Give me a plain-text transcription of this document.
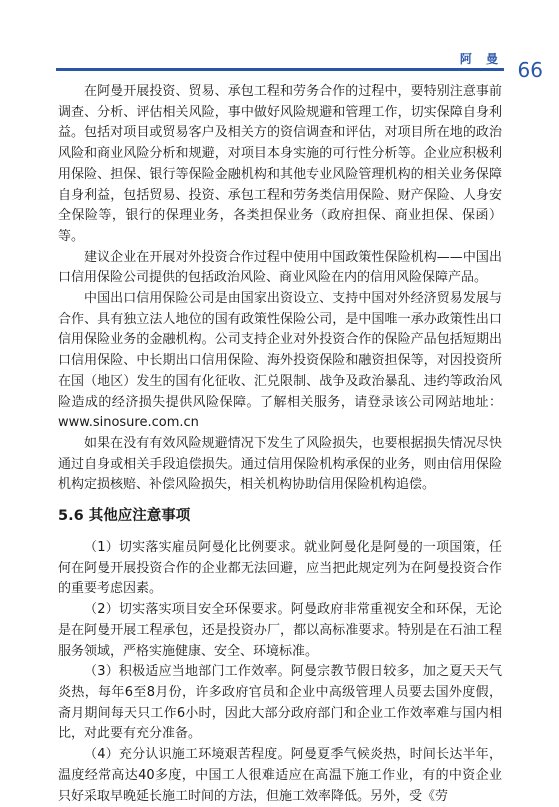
阿 曼 66

在阿曼开展投资、贸易、承包工程和劳务合作的过程中，要特别注意事前调查、分析、评估相关风险，事中做好风险规避和管理工作，切实保障自身利益。包括对项目或贸易客户及相关方的资信调查和评估，对项目所在地的政治风险和商业风险分析和规避，对项目本身实施的可行性分析等。企业应积极利用保险、担保、银行等保险金融机构和其他专业风险管理机构的相关业务保障自身利益，包括贸易、投资、承包工程和劳务类信用保险、财产保险、人身安全保险等，银行的保理业务，各类担保业务（政府担保、商业担保、保函）等。

建议企业在开展对外投资合作过程中使用中国政策性保险机构——中国出口信用保险公司提供的包括政治风险、商业风险在内的信用风险保障产品。

中国出口信用保险公司是由国家出资设立、支持中国对外经济贸易发展与合作、具有独立法人地位的国有政策性保险公司，是中国唯一承办政策性出口信用保险业务的金融机构。公司支持企业对外投资合作的保险产品包括短期出口信用保险、中长期出口信用保险、海外投资保险和融资担保等，对因投资所在国（地区）发生的国有化征收、汇兑限制、战争及政治暴乱、违约等政治风险造成的经济损失提供风险保障。了解相关服务，请登录该公司网站地址：www.sinosure.com.cn

如果在没有有效风险规避情况下发生了风险损失，也要根据损失情况尽快通过自身或相关手段追偿损失。通过信用保险机构承保的业务，则由信用保险机构定损核赔、补偿风险损失，相关机构协助信用保险机构追偿。

5.6 其他应注意事项

（1）切实落实雇员阿曼化比例要求。就业阿曼化是阿曼的一项国策，任何在阿曼开展投资合作的企业都无法回避，应当把此规定列为在阿曼投资合作的重要考虑因素。

（2）切实落实项目安全环保要求。阿曼政府非常重视安全和环保，无论是在阿曼开展工程承包，还是投资办厂，都以高标准要求。特别是在石油工程服务领域，严格实施健康、安全、环境标准。

（3）积极适应当地部门工作效率。阿曼宗教节假日较多，加之夏天天气炎热，每年6至8月份，许多政府官员和企业中高级管理人员要去国外度假，斋月期间每天只工作6小时，因此大部分政府部门和企业工作效率难与国内相比，对此要有充分准备。

（4）充分认识施工环境艰苦程度。阿曼夏季气候炎热，时间长达半年，温度经常高达40多度，中国工人很难适应在高温下施工作业，有的中资企业只好采取早晚延长施工时间的方法，但施工效率降低。另外，受《劳
